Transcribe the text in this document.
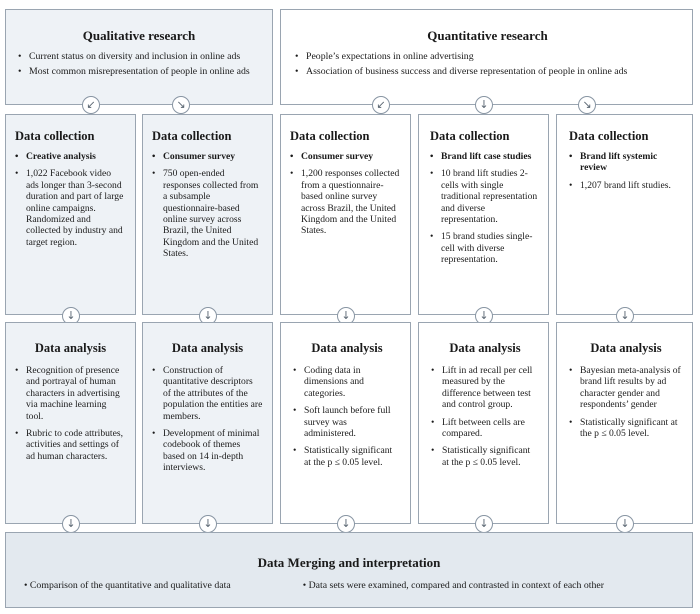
Qualitative research
• Current status on diversity and inclusion in online ads
• Most common misrepresentation of people in online ads
Quantitative research
• People’s expectations in online advertising
• Association of business success and diverse representation of people in online ads
↙	↘	↙	↓	↘
Data collection
• Creative analysis
• 1,022 Facebook video ads longer than 3-second duration and part of large online campaigns. Randomized and collected by industry and target region.
Data collection
• Consumer survey
• 750 open-ended responses collected from a subsample questionnaire-based online survey across Brazil, the United Kingdom and the United States.
Data collection
• Consumer survey
• 1,200 responses collected from a questionnaire-based online survey across Brazil, the United Kingdom and the United States.
Data collection
• Brand lift case studies
• 10 brand lift studies 2-cells with single traditional representation and diverse representation.
• 15 brand studies single-cell with diverse representation.
Data collection
• Brand lift systemic review
• 1,207 brand lift studies.
↓	↓	↓	↓	↓
Data analysis
• Recognition of presence and portrayal of human characters in advertising via machine learning tool.
• Rubric to code attributes, activities and settings of ad human characters.
Data analysis
• Construction of quantitative descriptors of the attributes of the population the entities are members.
• Development of minimal codebook of themes based on 14 in-depth interviews.
Data analysis
• Coding data in dimensions and categories.
• Soft launch before full survey was administered.
• Statistically significant at the p ≤ 0.05 level.
Data analysis
• Lift in ad recall per cell measured by the difference between test and control group.
• Lift between cells are compared.
• Statistically significant at the p ≤ 0.05 level.
Data analysis
• Bayesian meta-analysis of brand lift results by ad character gender and respondents’ gender
• Statistically significant at the p ≤ 0.05 level.
↓	↓	↓	↓	↓
Data Merging and interpretation
• Comparison of the quantitative and qualitative data
•	Data sets were examined, compared and contrasted in context of each other
